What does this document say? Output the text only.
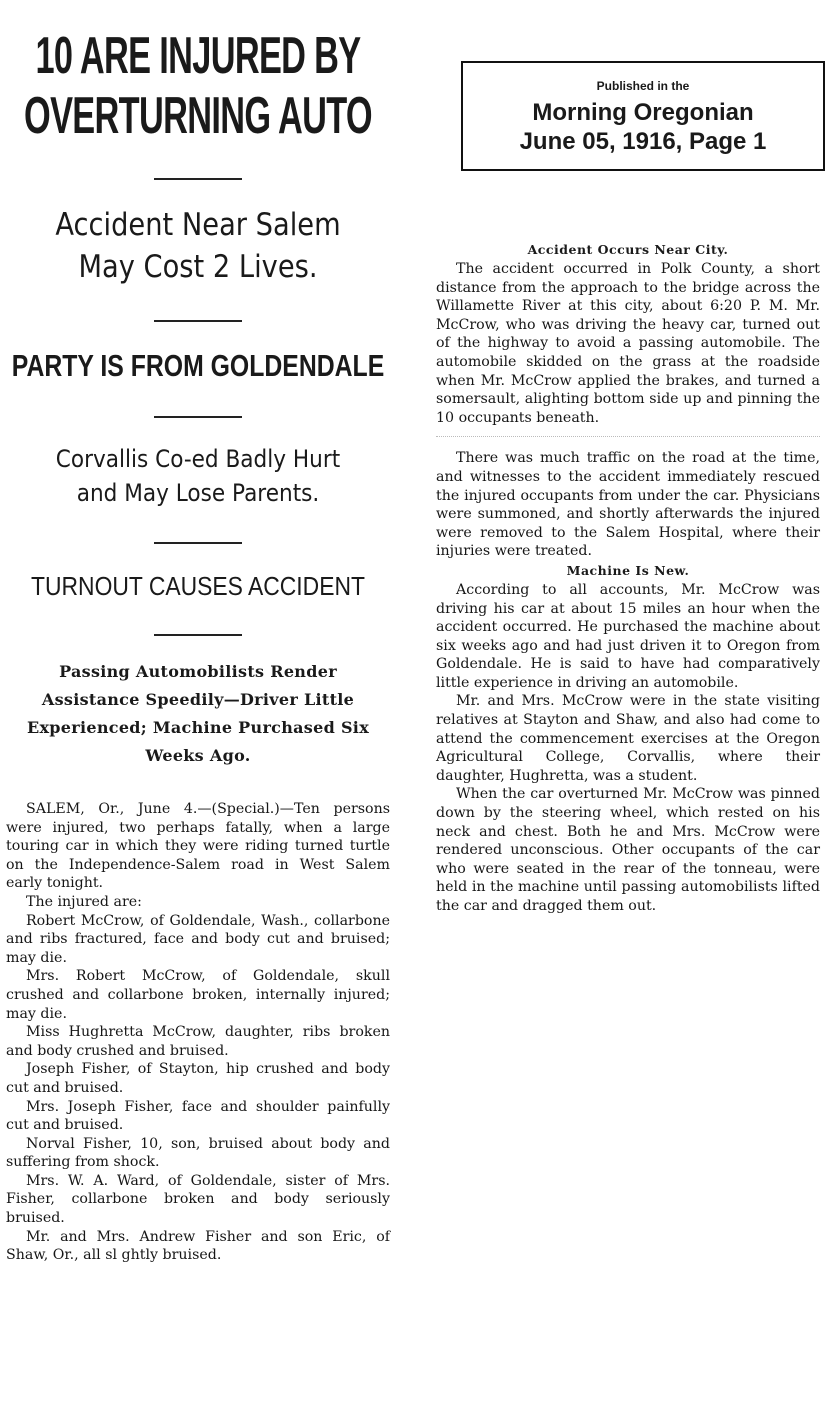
10 ARE INJURED BY
OVERTURNING AUTO
Accident Near Salem
May Cost 2 Lives.
PARTY IS FROM GOLDENDALE
Corvallis Co-ed Badly Hurt
and May Lose Parents.
TURNOUT CAUSES ACCIDENT
Passing Automobilists Render Assistance Speedily—Driver Little Experienced; Machine Purchased Six Weeks Ago.

SALEM, Or., June 4.—(Special.)—Ten persons were injured, two perhaps fatally, when a large touring car in which they were riding turned turtle on the Independence-Salem road in West Salem early tonight.

The injured are:

Robert McCrow, of Goldendale, Wash., collarbone and ribs fractured, face and body cut and bruised; may die.

Mrs. Robert McCrow, of Goldendale, skull crushed and collarbone broken, internally injured; may die.

Miss Hughretta McCrow, daughter, ribs broken and body crushed and bruised.

Joseph Fisher, of Stayton, hip crushed and body cut and bruised.

Mrs. Joseph Fisher, face and shoulder painfully cut and bruised.

Norval Fisher, 10, son, bruised about body and suffering from shock.

Mrs. W. A. Ward, of Goldendale, sister of Mrs. Fisher, collarbone broken and body seriously bruised.

Mr. and Mrs. Andrew Fisher and son Eric, of Shaw, Or., all sl ghtly bruised.

Published in the
Morning Oregonian
June 05, 1916, Page 1
Accident Occurs Near City.

The accident occurred in Polk County, a short distance from the approach to the bridge across the Willamette River at this city, about 6:20 P. M. Mr. McCrow, who was driving the heavy car, turned out of the highway to avoid a passing automobile. The automobile skidded on the grass at the roadside when Mr. McCrow applied the brakes, and turned a somersault, alighting bottom side up and pinning the 10 occupants beneath.

There was much traffic on the road at the time, and witnesses to the accident immediately rescued the injured occupants from under the car. Physicians were summoned, and shortly afterwards the injured were removed to the Salem Hospital, where their injuries were treated.

Machine Is New.

According to all accounts, Mr. McCrow was driving his car at about 15 miles an hour when the accident occurred. He purchased the machine about six weeks ago and had just driven it to Oregon from Goldendale. He is said to have had comparatively little experience in driving an automobile.

Mr. and Mrs. McCrow were in the state visiting relatives at Stayton and Shaw, and also had come to attend the commencement exercises at the Oregon Agricultural College, Corvallis, where their daughter, Hughretta, was a student.

When the car overturned Mr. McCrow was pinned down by the steering wheel, which rested on his neck and chest. Both he and Mrs. McCrow were rendered unconscious. Other occupants of the car who were seated in the rear of the tonneau, were held in the machine until passing automobilists lifted the car and dragged them out.
